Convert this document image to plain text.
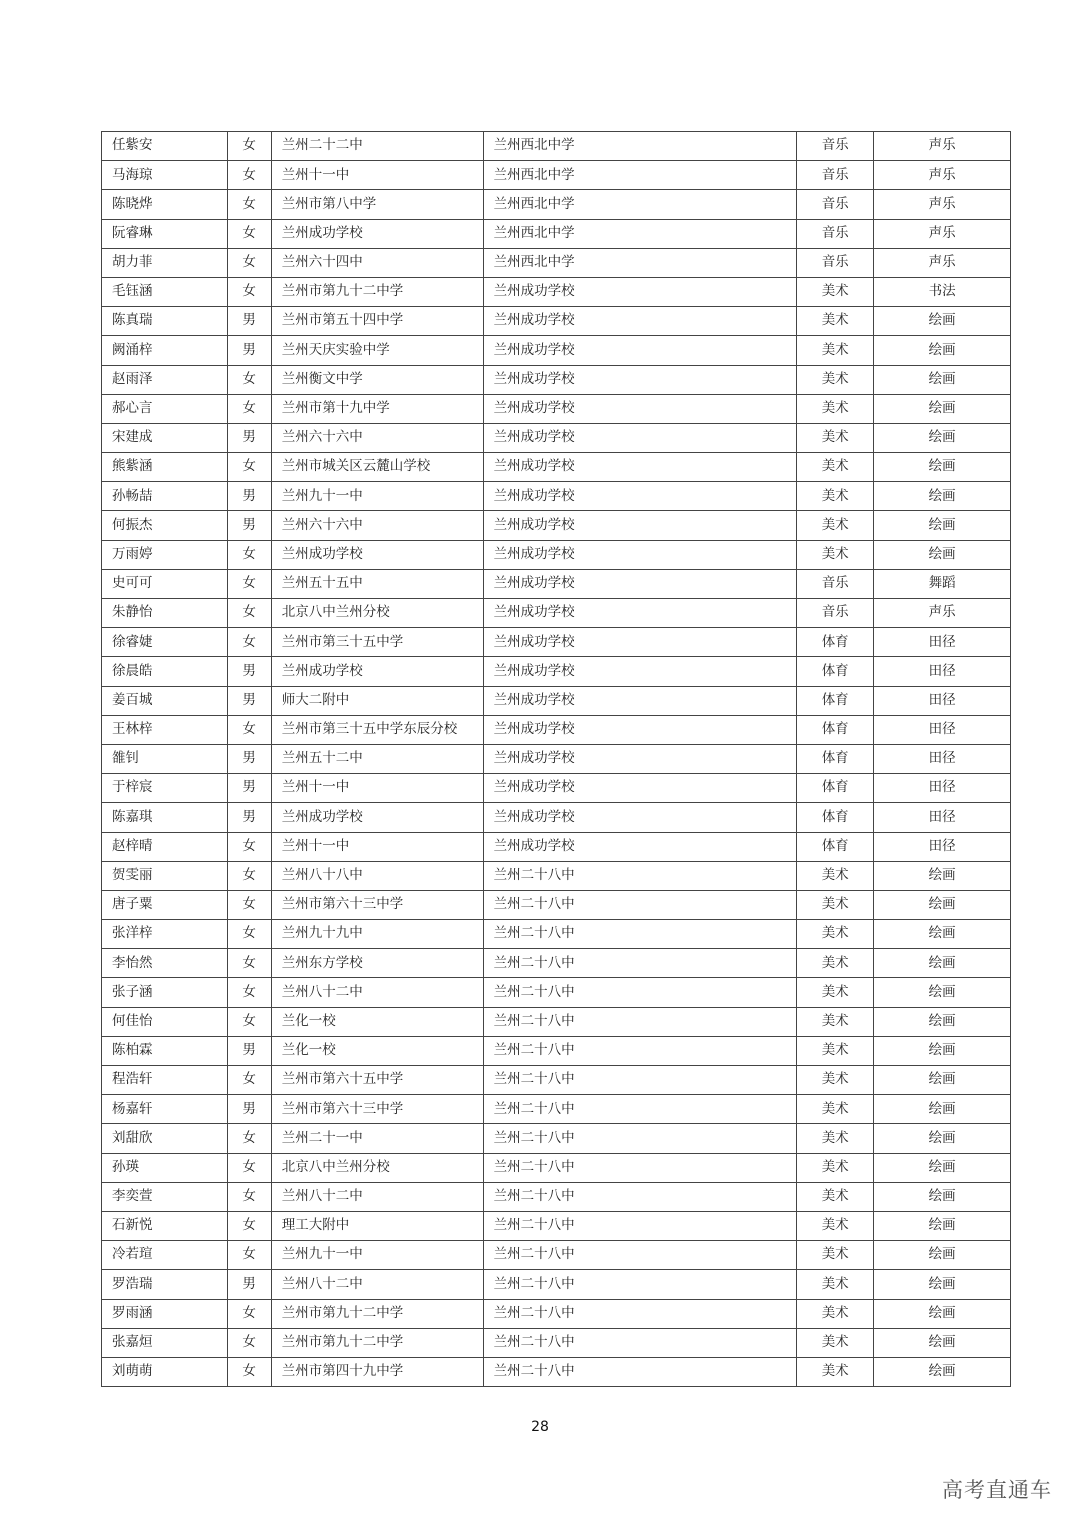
任紫安	女	兰州二十二中	兰州西北中学	音乐	声乐
马海琼	女	兰州十一中	兰州西北中学	音乐	声乐
陈晓烨	女	兰州市第八中学	兰州西北中学	音乐	声乐
阮睿琳	女	兰州成功学校	兰州西北中学	音乐	声乐
胡力菲	女	兰州六十四中	兰州西北中学	音乐	声乐
毛钰涵	女	兰州市第九十二中学	兰州成功学校	美术	书法
陈真瑞	男	兰州市第五十四中学	兰州成功学校	美术	绘画
阙涌梓	男	兰州天庆实验中学	兰州成功学校	美术	绘画
赵雨泽	女	兰州衡文中学	兰州成功学校	美术	绘画
郝心言	女	兰州市第十九中学	兰州成功学校	美术	绘画
宋建成	男	兰州六十六中	兰州成功学校	美术	绘画
熊紫涵	女	兰州市城关区云麓山学校	兰州成功学校	美术	绘画
孙畅喆	男	兰州九十一中	兰州成功学校	美术	绘画
何振杰	男	兰州六十六中	兰州成功学校	美术	绘画
万雨婷	女	兰州成功学校	兰州成功学校	美术	绘画
史可可	女	兰州五十五中	兰州成功学校	音乐	舞蹈
朱静怡	女	北京八中兰州分校	兰州成功学校	音乐	声乐
徐睿婕	女	兰州市第三十五中学	兰州成功学校	体育	田径
徐晨皓	男	兰州成功学校	兰州成功学校	体育	田径
姜百城	男	师大二附中	兰州成功学校	体育	田径
王林梓	女	兰州市第三十五中学东辰分校	兰州成功学校	体育	田径
雒钊	男	兰州五十二中	兰州成功学校	体育	田径
于梓宸	男	兰州十一中	兰州成功学校	体育	田径
陈嘉琪	男	兰州成功学校	兰州成功学校	体育	田径
赵梓晴	女	兰州十一中	兰州成功学校	体育	田径
贺雯丽	女	兰州八十八中	兰州二十八中	美术	绘画
唐子粟	女	兰州市第六十三中学	兰州二十八中	美术	绘画
张洋梓	女	兰州九十九中	兰州二十八中	美术	绘画
李怡然	女	兰州东方学校	兰州二十八中	美术	绘画
张子涵	女	兰州八十二中	兰州二十八中	美术	绘画
何佳怡	女	兰化一校	兰州二十八中	美术	绘画
陈柏霖	男	兰化一校	兰州二十八中	美术	绘画
程浩轩	女	兰州市第六十五中学	兰州二十八中	美术	绘画
杨嘉轩	男	兰州市第六十三中学	兰州二十八中	美术	绘画
刘甜欣	女	兰州二十一中	兰州二十八中	美术	绘画
孙瑛	女	北京八中兰州分校	兰州二十八中	美术	绘画
李奕萱	女	兰州八十二中	兰州二十八中	美术	绘画
石新悦	女	理工大附中	兰州二十八中	美术	绘画
冷若瑄	女	兰州九十一中	兰州二十八中	美术	绘画
罗浩瑞	男	兰州八十二中	兰州二十八中	美术	绘画
罗雨涵	女	兰州市第九十二中学	兰州二十八中	美术	绘画
张嘉烜	女	兰州市第九十二中学	兰州二十八中	美术	绘画
刘萌萌	女	兰州市第四十九中学	兰州二十八中	美术	绘画
28
高考直通车
